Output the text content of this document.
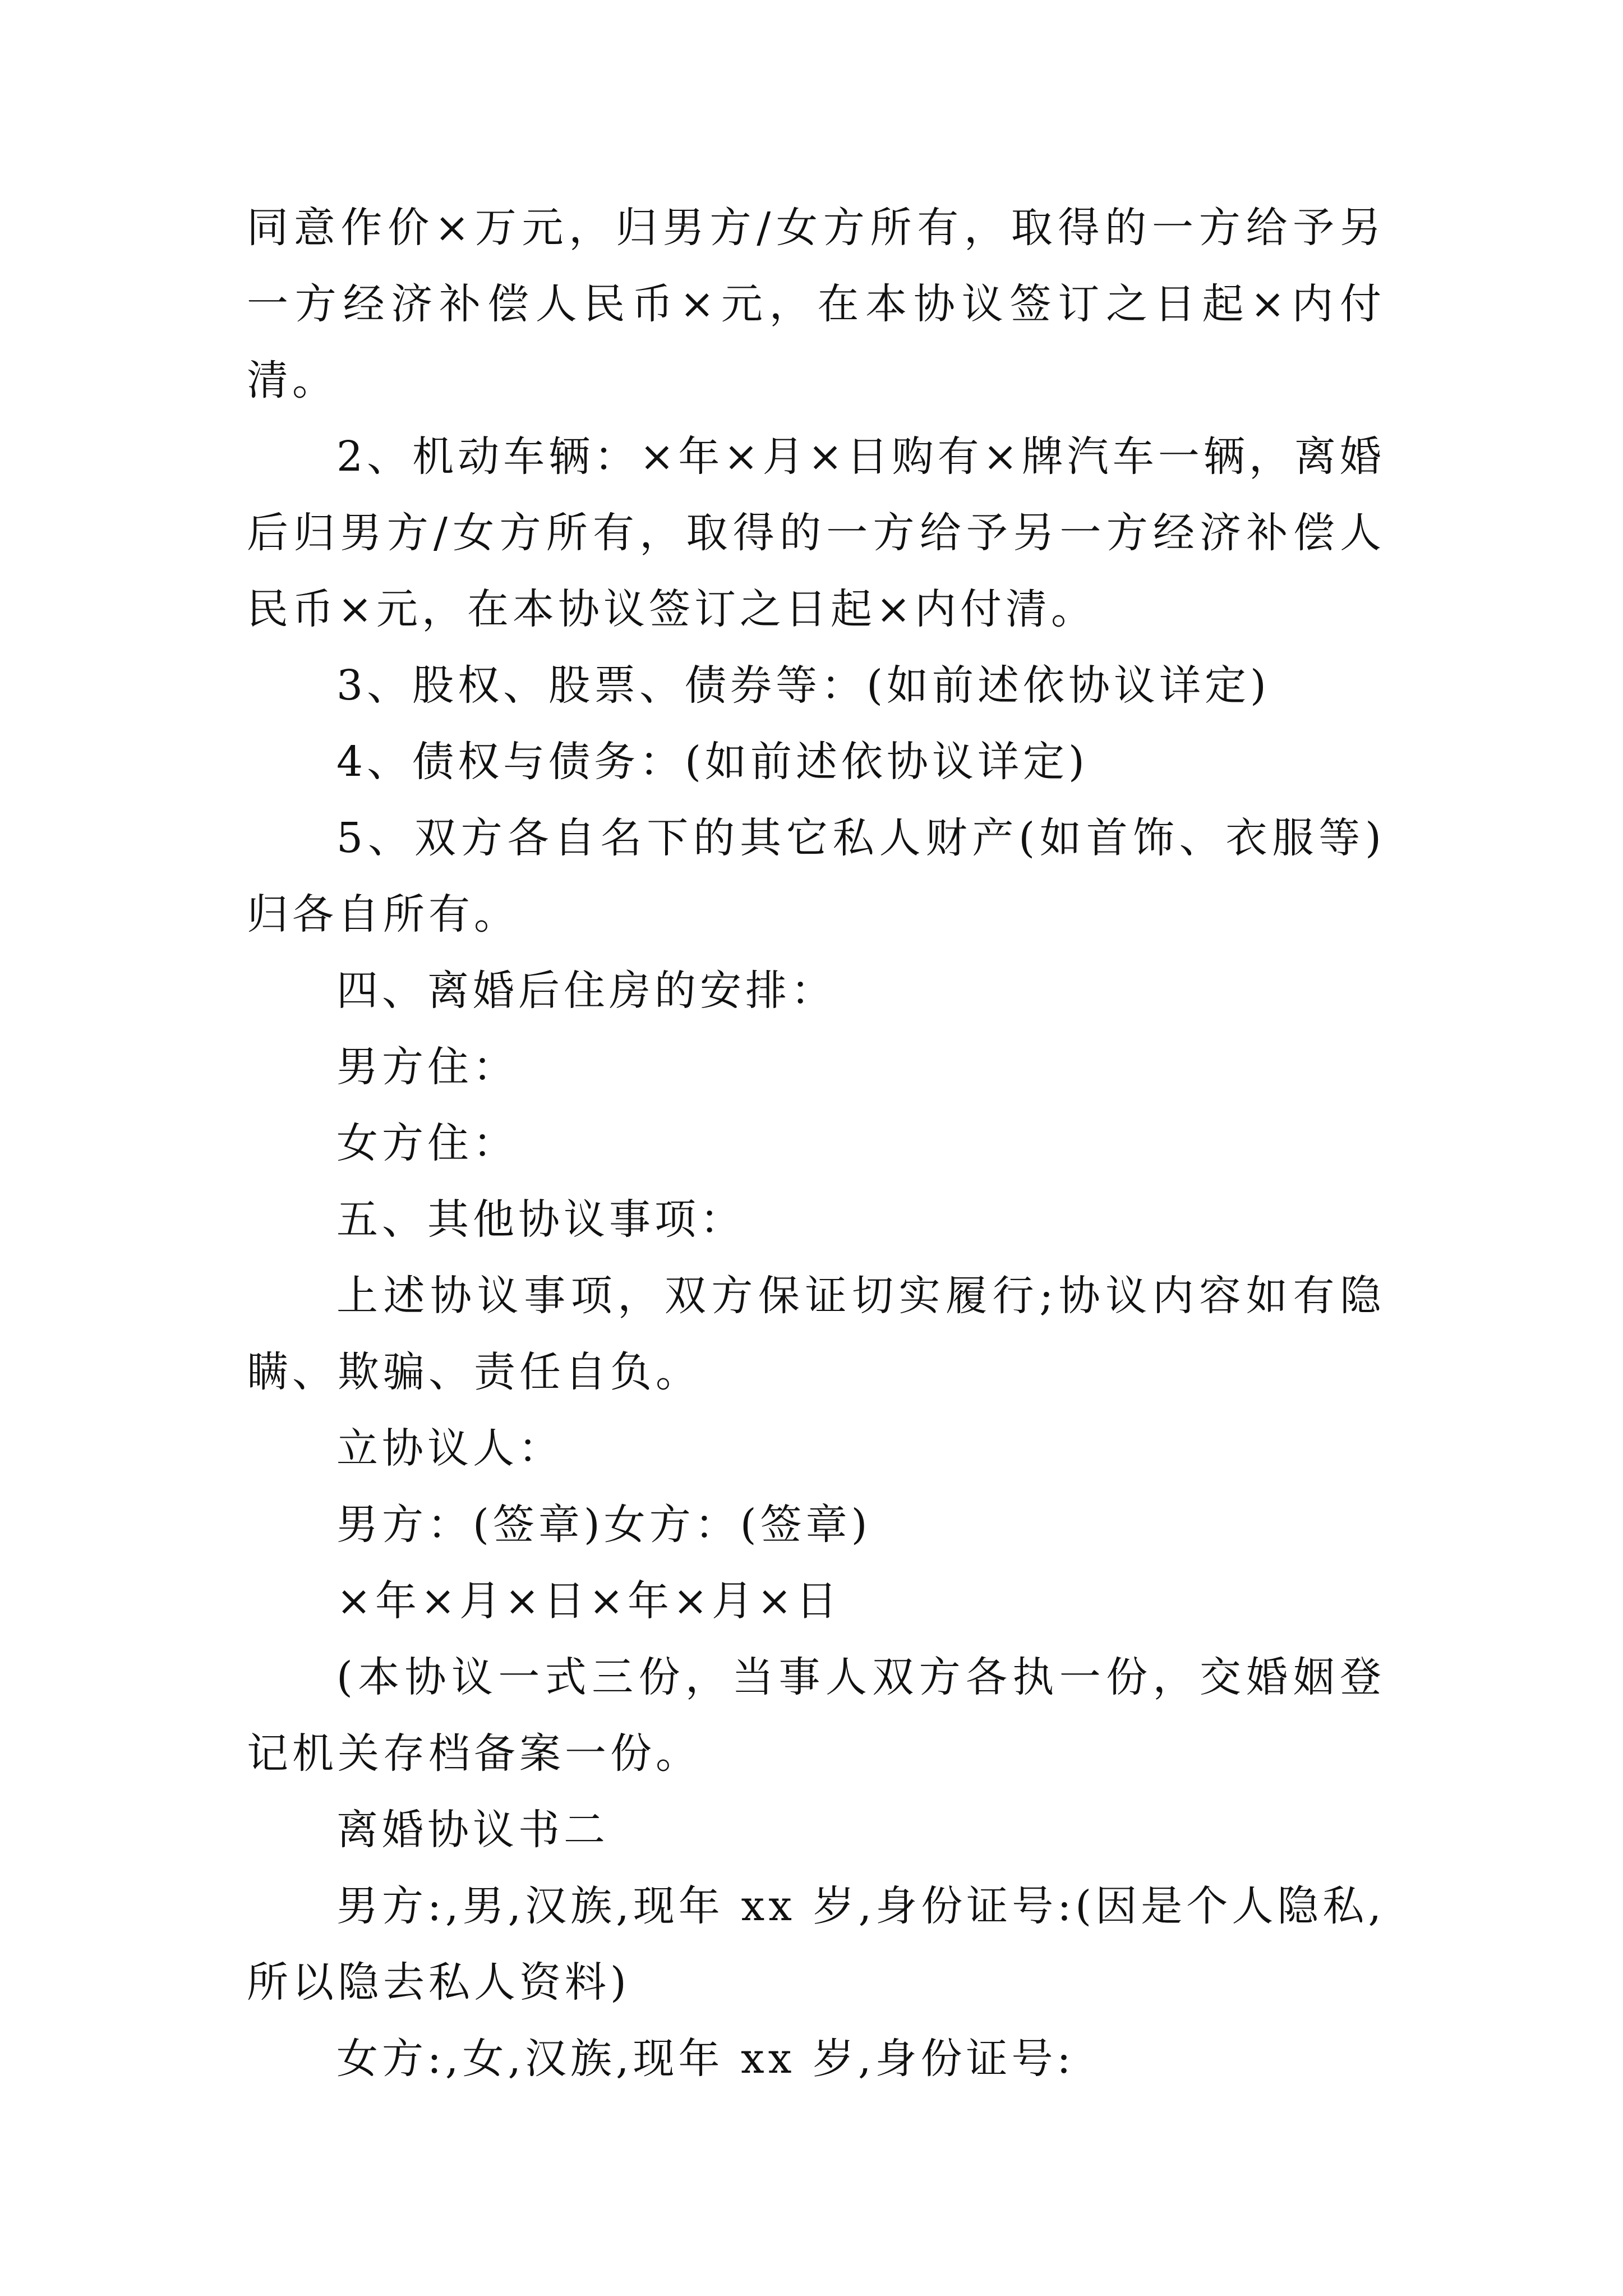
同意作价×万元，归男方/女方所有，取得的一方给予另一方经济补偿人民币×元，在本协议签订之日起×内付清。

2、机动车辆：×年×月×日购有×牌汽车一辆，离婚后归男方/女方所有，取得的一方给予另一方经济补偿人民币×元，在本协议签订之日起×内付清。

3、股权、股票、债券等：(如前述依协议详定)

4、债权与债务：(如前述依协议详定)

5、双方各自名下的其它私人财产(如首饰、衣服等)归各自所有。

四、离婚后住房的安排：

男方住：

女方住：

五、其他协议事项：

上述协议事项，双方保证切实履行;协议内容如有隐瞒、欺骗、责任自负。

立协议人：

男方：(签章)女方：(签章)

×年×月×日×年×月×日

(本协议一式三份，当事人双方各执一份，交婚姻登记机关存档备案一份。

离婚协议书二

男方:,男,汉族,现年 xx 岁,身份证号:(因是个人隐私,所以隐去私人资料)

女方:,女,汉族,现年 xx 岁,身份证号:
